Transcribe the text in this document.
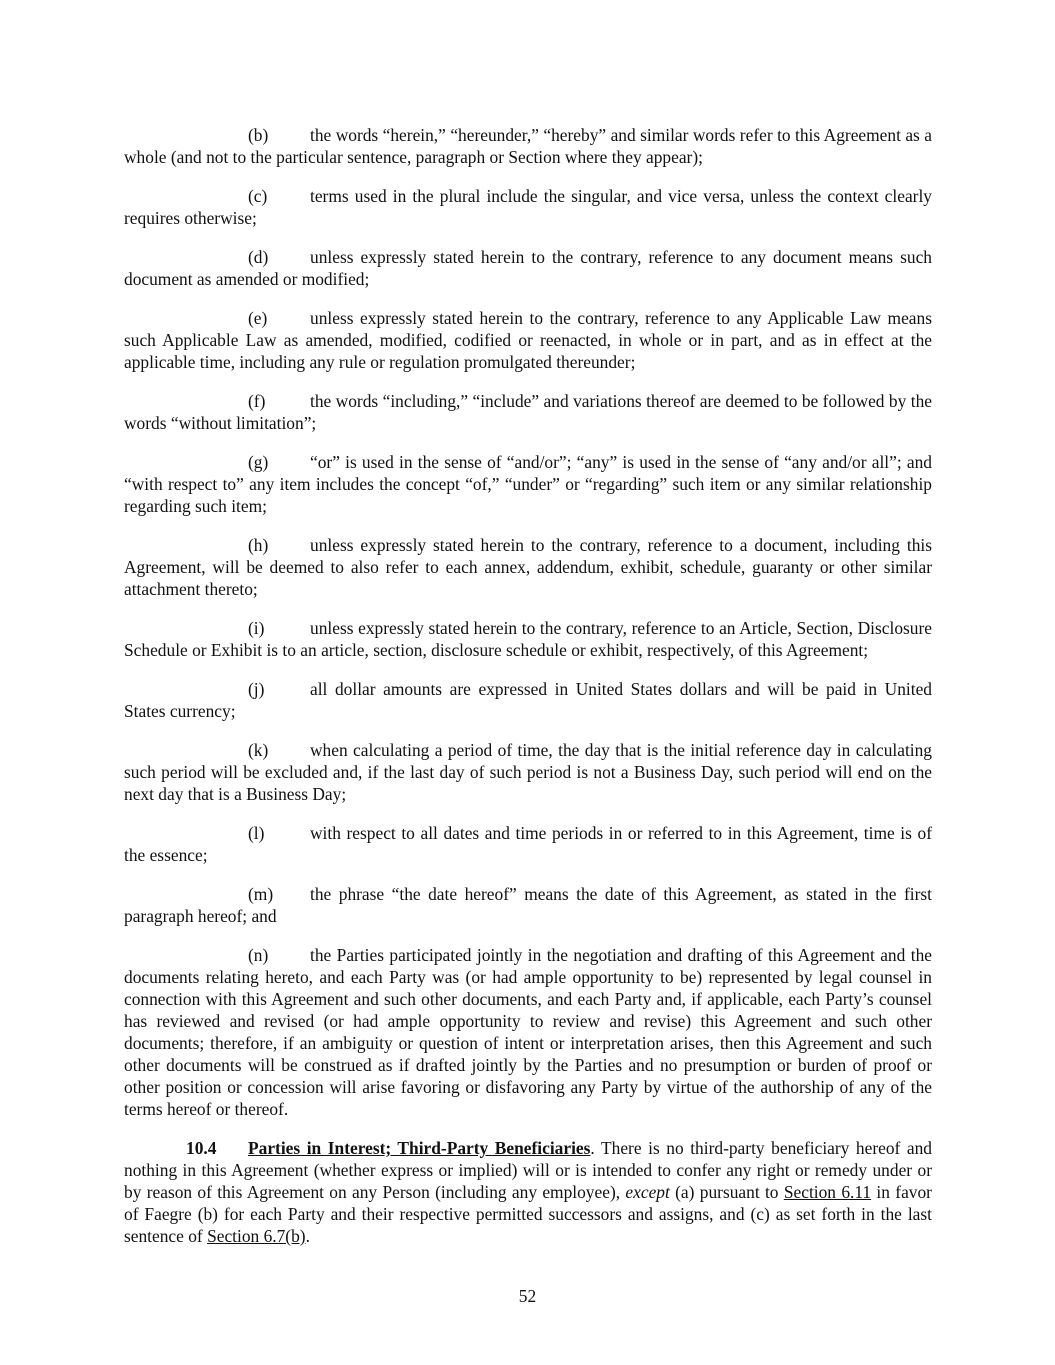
(b) the words “herein,” “hereunder,” “hereby” and similar words refer to this Agreement as a whole (and not to the particular sentence, paragraph or Section where they appear);

(c) terms used in the plural include the singular, and vice versa, unless the context clearly requires otherwise;

(d) unless expressly stated herein to the contrary, reference to any document means such document as amended or modified;

(e) unless expressly stated herein to the contrary, reference to any Applicable Law means such Applicable Law as amended, modified, codified or reenacted, in whole or in part, and as in effect at the applicable time, including any rule or regulation promulgated thereunder;

(f)	the words “including,” “include” and variations thereof are deemed to be followed by the words “without limitation”;

(g) “or” is used in the sense of “and/or”; “any” is used in the sense of “any and/or all”; and “with respect to” any item includes the concept “of,” “under” or “regarding” such item or any similar relationship regarding such item;

(h) unless expressly stated herein to the contrary, reference to a document, including this Agreement, will be deemed to also refer to each annex, addendum, exhibit, schedule, guaranty or other similar attachment thereto;

(i)	unless expressly stated herein to the contrary, reference to an Article, Section, Disclosure Schedule or Exhibit is to an article, section, disclosure schedule or exhibit, respectively, of this Agreement;

(j)	all dollar amounts are expressed in United States dollars and will be paid in United States currency;

(k) when calculating a period of time, the day that is the initial reference day in calculating such period will be excluded and, if the last day of such period is not a Business Day, such period will end on the next day that is a Business Day;

(l)	with respect to all dates and time periods in or referred to in this Agreement, time is of the essence;

(m) the phrase “the date hereof” means the date of this Agreement, as stated in the first paragraph hereof; and

(n) the Parties participated jointly in the negotiation and drafting of this Agreement and the documents relating hereto, and each Party was (or had ample opportunity to be) represented by legal counsel in connection with this Agreement and such other documents, and each Party and, if applicable, each Party’s counsel has reviewed and revised (or had ample opportunity to review and revise) this Agreement and such other documents; therefore, if an ambiguity or question of intent or interpretation arises, then this Agreement and such other documents will be construed as if drafted jointly by the Parties and no presumption or burden of proof or other position or concession will arise favoring or disfavoring any Party by virtue of the authorship of any of the terms hereof or thereof.

10.4 Parties in Interest; Third-Party Beneficiaries. There is no third-party beneficiary hereof and nothing in this Agreement (whether express or implied) will or is intended to confer any right or remedy under or by reason of this Agreement on any Person (including any employee), except (a) pursuant to Section 6.11 in favor of Faegre (b) for each Party and their respective permitted successors and assigns, and (c) as set forth in the last sentence of Section 6.7(b).

52
